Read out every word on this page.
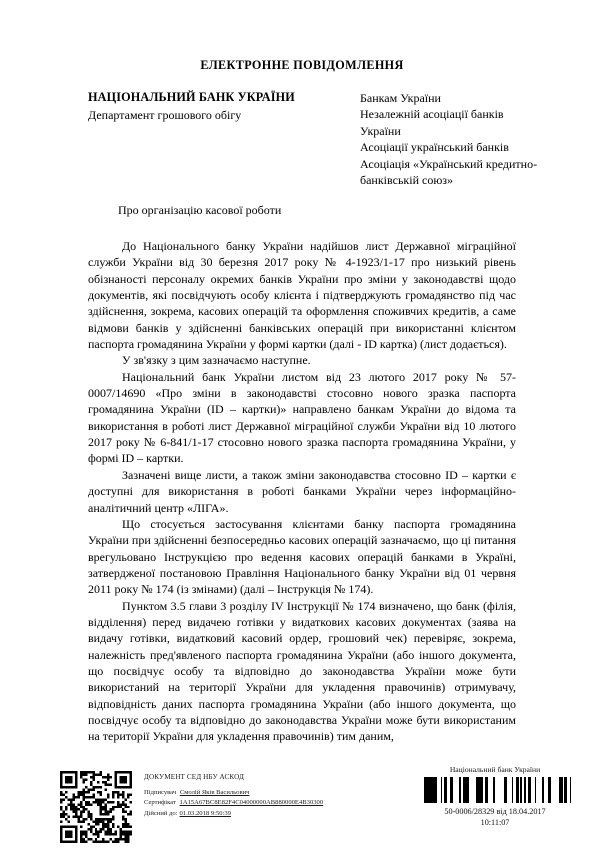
ЕЛЕКТРОННЕ ПОВІДОМЛЕННЯ
НАЦІОНАЛЬНИЙ БАНК УКРАЇНИ
Департамент грошового обігу
Банкам України
Незалежній асоціації банків
України
Асоціації український банків
Асоціація «Український кредитно-
банківській союз»
Про організацію касової роботи

До Національного банку України надійшов лист Державної міграційної служби України від 30 березня 2017 року № 4-1923/1-17 про низький рівень обізнаності персоналу окремих банків України про зміни у законодавстві щодо документів, які посвідчують особу клієнта і підтверджують громадянство під час здійснення, зокрема, касових операцій та оформлення споживчих кредитів, а саме відмови банків у здійсненні банківських операцій при використанні клієнтом паспорта громадянина України у формі картки (далі - ID картка) (лист додається).

У зв'язку з цим зазначаємо наступне.

Національний банк України листом від 23 лютого 2017 року № 57-0007/14690 «Про зміни в законодавстві стосовно нового зразка паспорта громадянина України (ID – картки)» направлено банкам України до відома та використання в роботі лист Державної міграційної служби України від 10 лютого 2017 року № 6-841/1-17 стосовно нового зразка паспорта громадянина України, у формі ID – картки.

Зазначені вище листи, а також зміни законодавства стосовно ID – картки є доступні для використання в роботі банками України через інформаційно-аналітичний центр «ЛІГА».

Що стосується застосування клієнтами банку паспорта громадянина України при здійсненні безпосередньо касових операцій зазначаємо, що ці питання врегульовано Інструкцією про ведення касових операцій банками в Україні, затвердженої постановою Правління Національного банку України від 01 червня 2011 року № 174 (із змінами) (далі – Інструкція № 174).

Пунктом 3.5 глави 3 розділу IV Інструкції № 174 визначено, що банк (філія, відділення) перед видачею готівки у видаткових касових документах (заява на видачу готівки, видатковий касовий ордер, грошовий чек) перевіряє, зокрема, належність пред'явленого паспорта громадянина України (або іншого документа, що посвідчує особу та відповідно до законодавства України може бути використаний на території України для укладення правочинів) отримувачу, відповідність даних паспорта громадянина України (або іншого документа, що посвідчує особу та відповідно до законодавства України може бути використаним на території України для укладення правочинів) тим даним,

ДОКУМЕНТ СЕД НБУ АСКОД
Підписувач Смолій Яків Васильович
Сертифікат 1A15A67BC8E82F4C04000000AB880000E4B30300
Дійсний до: 01.03.2018 9:50:39
Національний банк України
50-0006/28329 від 18.04.2017
10:11:07
